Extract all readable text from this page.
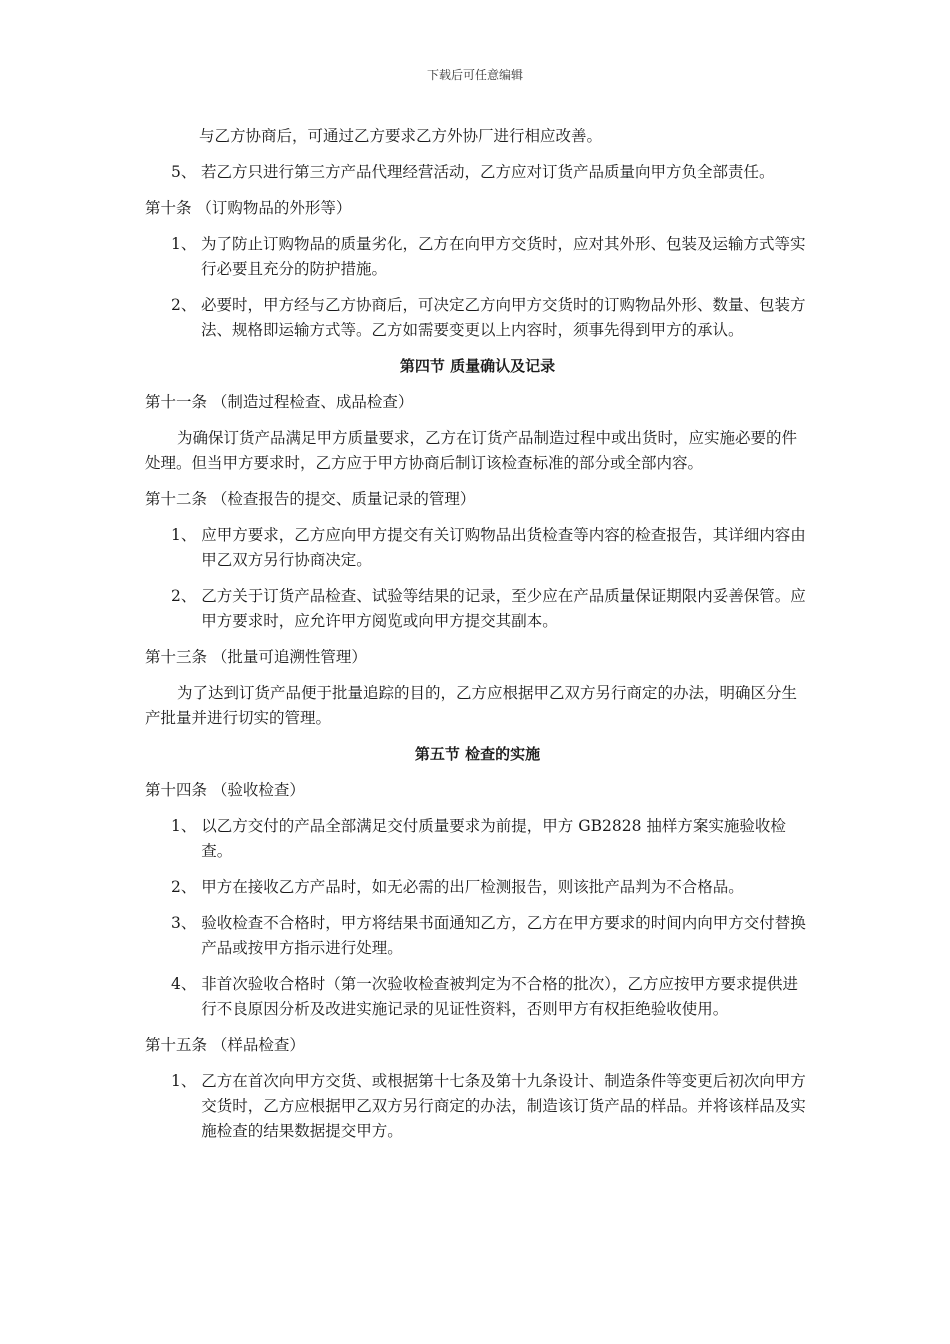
下载后可任意编辑
与乙方协商后，可通过乙方要求乙方外协厂进行相应改善。
5、 若乙方只进行第三方产品代理经营活动，乙方应对订货产品质量向甲方负全部责任。
第十条 （订购物品的外形等）
1、 为了防止订购物品的质量劣化，乙方在向甲方交货时，应对其外形、包装及运输方式等实行必要且充分的防护措施。
2、 必要时，甲方经与乙方协商后，可决定乙方向甲方交货时的订购物品外形、数量、包装方法、规格即运输方式等。乙方如需要变更以上内容时，须事先得到甲方的承认。
第四节 质量确认及记录
第十一条 （制造过程检查、成品检查）
为确保订货产品满足甲方质量要求，乙方在订货产品制造过程中或出货时，应实施必要的件处理。但当甲方要求时，乙方应于甲方协商后制订该检查标准的部分或全部内容。
第十二条 （检查报告的提交、质量记录的管理）
1、 应甲方要求，乙方应向甲方提交有关订购物品出货检查等内容的检查报告，其详细内容由甲乙双方另行协商决定。
2、 乙方关于订货产品检查、试验等结果的记录，至少应在产品质量保证期限内妥善保管。应甲方要求时，应允许甲方阅览或向甲方提交其副本。
第十三条 （批量可追溯性管理）
为了达到订货产品便于批量追踪的目的，乙方应根据甲乙双方另行商定的办法，明确区分生产批量并进行切实的管理。
第五节 检查的实施
第十四条 （验收检查）
1、 以乙方交付的产品全部满足交付质量要求为前提，甲方 GB2828 抽样方案实施验收检查。
2、 甲方在接收乙方产品时，如无必需的出厂检测报告，则该批产品判为不合格品。
3、 验收检查不合格时，甲方将结果书面通知乙方，乙方在甲方要求的时间内向甲方交付替换产品或按甲方指示进行处理。
4、 非首次验收合格时（第一次验收检查被判定为不合格的批次），乙方应按甲方要求提供进行不良原因分析及改进实施记录的见证性资料，否则甲方有权拒绝验收使用。
第十五条 （样品检查）
1、 乙方在首次向甲方交货、或根据第十七条及第十九条设计、制造条件等变更后初次向甲方交货时，乙方应根据甲乙双方另行商定的办法，制造该订货产品的样品。并将该样品及实施检查的结果数据提交甲方。
